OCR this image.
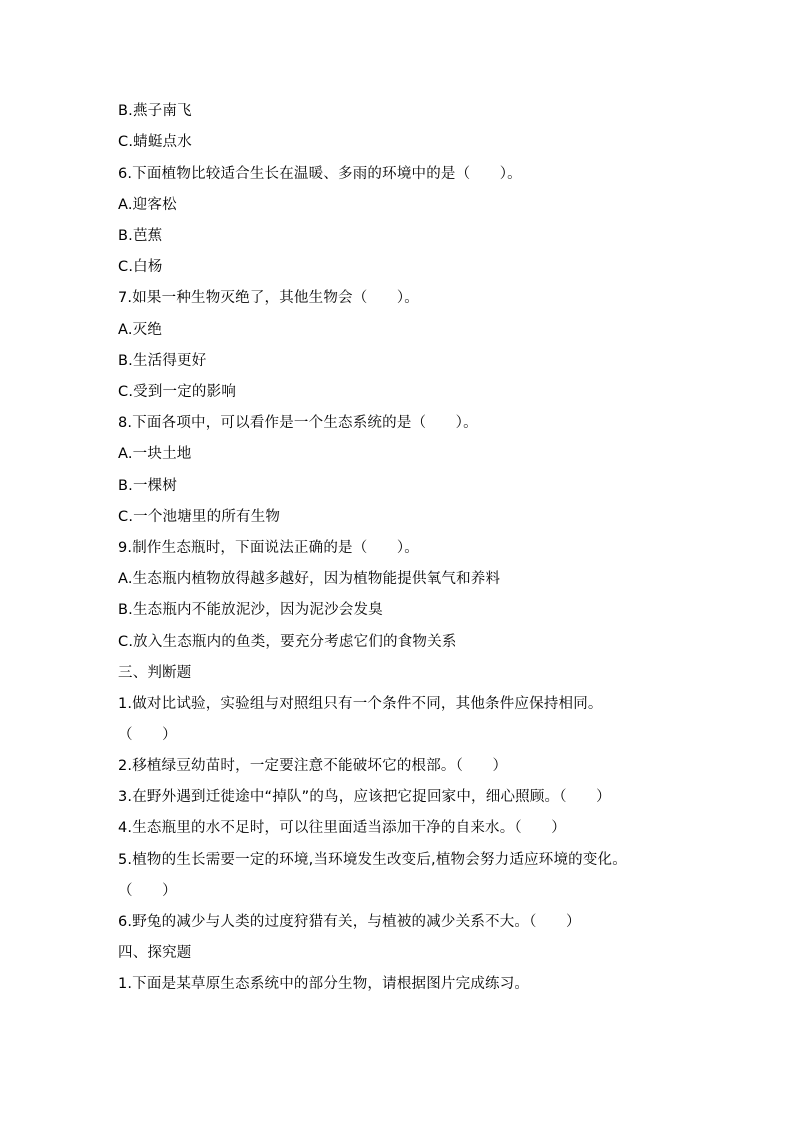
B.燕子南飞
C.蜻蜓点水
6.下面植物比较适合生长在温暖、多雨的环境中的是（　　）。
A.迎客松
B.芭蕉
C.白杨
7.如果一种生物灭绝了，其他生物会（　　）。
A.灭绝
B.生活得更好
C.受到一定的影响
8.下面各项中，可以看作是一个生态系统的是（　　）。
A.一块土地
B.一棵树
C.一个池塘里的所有生物
9.制作生态瓶时，下面说法正确的是（　　）。
A.生态瓶内植物放得越多越好，因为植物能提供氧气和养料
B.生态瓶内不能放泥沙，因为泥沙会发臭
C.放入生态瓶内的鱼类，要充分考虑它们的食物关系
三、判断题
1.做对比试验，实验组与对照组只有一个条件不同，其他条件应保持相同。
（　　）
2.移植绿豆幼苗时，一定要注意不能破坏它的根部。（　　）
3.在野外遇到迁徙途中“掉队”的鸟，应该把它捉回家中，细心照顾。（　　）
4.生态瓶里的水不足时，可以往里面适当添加干净的自来水。（　　）
5.植物的生长需要一定的环境,当环境发生改变后,植物会努力适应环境的变化。
（　　）
6.野兔的减少与人类的过度狩猎有关，与植被的减少关系不大。（　　）
四、探究题
1.下面是某草原生态系统中的部分生物，请根据图片完成练习。
